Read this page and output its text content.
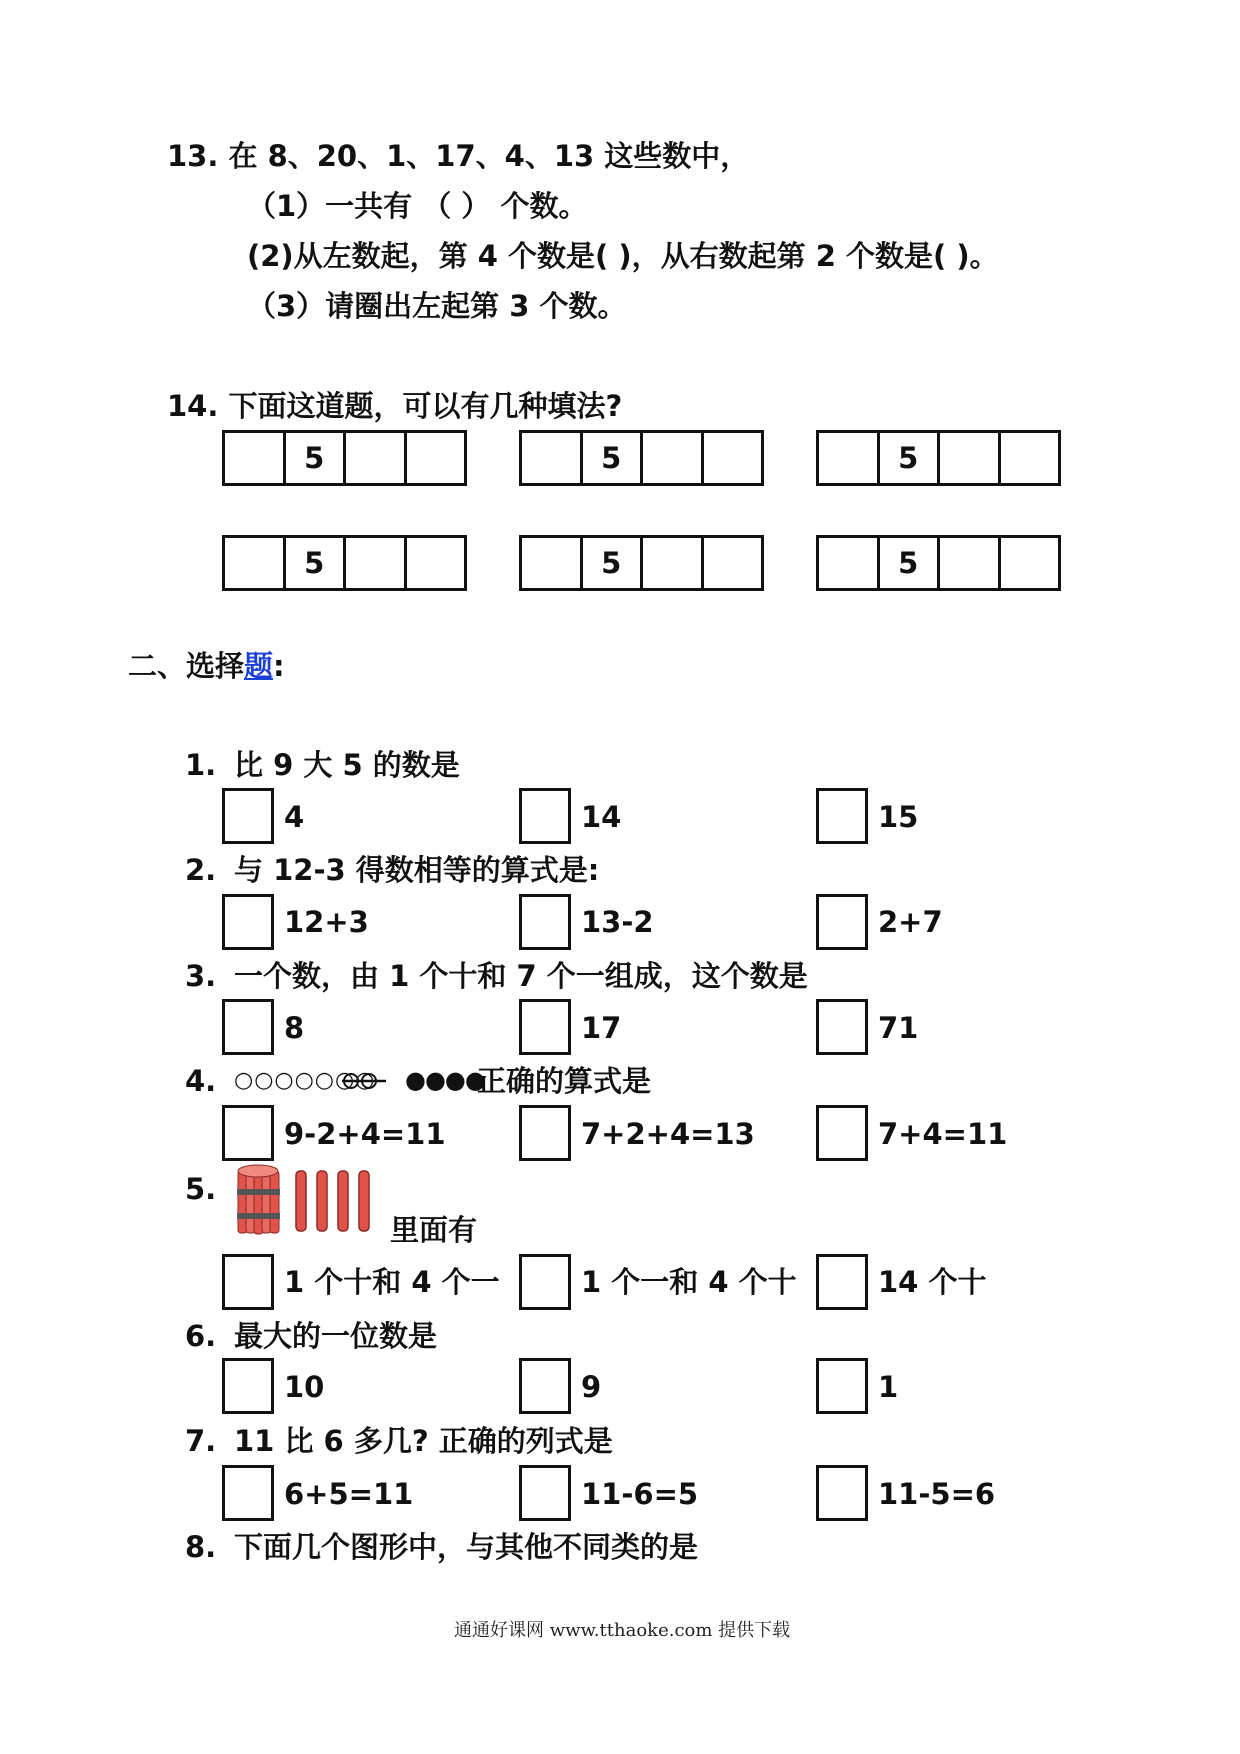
13. 在 8、20、1、17、4、13 这些数中，
（1）一共有 （ ） 个数。
(2)从左数起，第 4 个数是( )，从右数起第 2 个数是( )。
（3）请圈出左起第 3 个数。
14. 下面这道题，可以有几种填法?
5	5	5
5	5	5
二、选择题:
1. 比 9 大 5 的数是
4	14	15
2. 与 12-3 得数相等的算式是:
12+3	13-2	2+7
3. 一个数，由 1 个十和 7 个一组成，这个数是
8	17	71
4. ○○○○○○○ ●●●●
正确的算式是
9-2+4=11	7+2+4=13	7+4=11
5.
里面有
1 个十和 4 个一	1 个一和 4 个十	14 个十
6. 最大的一位数是
10	9	1
7. 11 比 6 多几? 正确的列式是
6+5=11	11-6=5	11-5=6
8. 下面几个图形中，与其他不同类的是
通通好课网 www.tthaoke.com 提供下载
